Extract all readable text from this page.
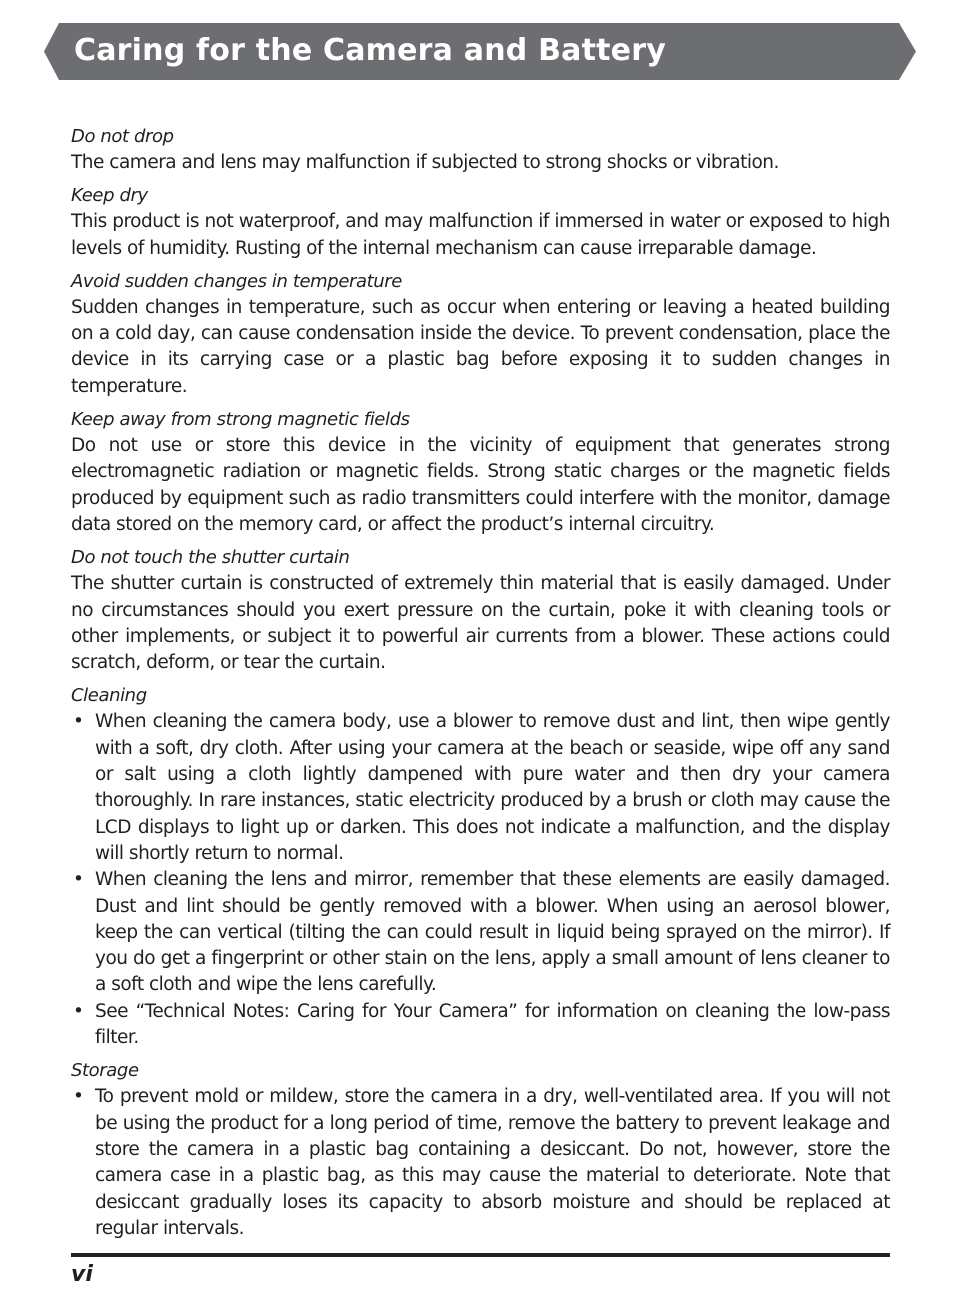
Caring for the Camera and Battery

Do not drop

The camera and lens may malfunction if subjected to strong shocks or vibration.

Keep dry

This product is not waterproof, and may malfunction if immersed in water or exposed to high levels of humidity. Rusting of the internal mechanism can cause irreparable damage.

Avoid sudden changes in temperature

Sudden changes in temperature, such as occur when entering or leaving a heated building on a cold day, can cause condensation inside the device. To prevent condensation, place the device in its carrying case or a plastic bag before exposing it to sudden changes in temperature.

Keep away from strong magnetic fields

Do not use or store this device in the vicinity of equipment that generates strong electromagnetic radiation or magnetic fields. Strong static charges or the magnetic fields produced by equipment such as radio transmitters could interfere with the monitor, damage data stored on the memory card, or affect the product’s internal circuitry.

Do not touch the shutter curtain

The shutter curtain is constructed of extremely thin material that is easily damaged. Under no circumstances should you exert pressure on the curtain, poke it with cleaning tools or other implements, or subject it to powerful air currents from a blower. These actions could scratch, deform, or tear the curtain.

Cleaning

• When cleaning the camera body, use a blower to remove dust and lint, then wipe gently with a soft, dry cloth. After using your camera at the beach or seaside, wipe off any sand or salt using a cloth lightly dampened with pure water and then dry your camera thoroughly. In rare instances, static electricity produced by a brush or cloth may cause the LCD displays to light up or darken. This does not indicate a malfunction, and the display will shortly return to normal.
• When cleaning the lens and mirror, remember that these elements are easily damaged. Dust and lint should be gently removed with a blower. When using an aerosol blower, keep the can vertical (tilting the can could result in liquid being sprayed on the mirror). If you do get a fingerprint or other stain on the lens, apply a small amount of lens cleaner to a soft cloth and wipe the lens carefully.
• See “Technical Notes: Caring for Your Camera” for information on cleaning the low-pass filter.

Storage

• To prevent mold or mildew, store the camera in a dry, well-ventilated area. If you will not be using the product for a long period of time, remove the battery to prevent leakage and store the camera in a plastic bag containing a desiccant. Do not, however, store the camera case in a plastic bag, as this may cause the material to deteriorate. Note that desiccant gradually loses its capacity to absorb moisture and should be replaced at regular intervals.
vi
